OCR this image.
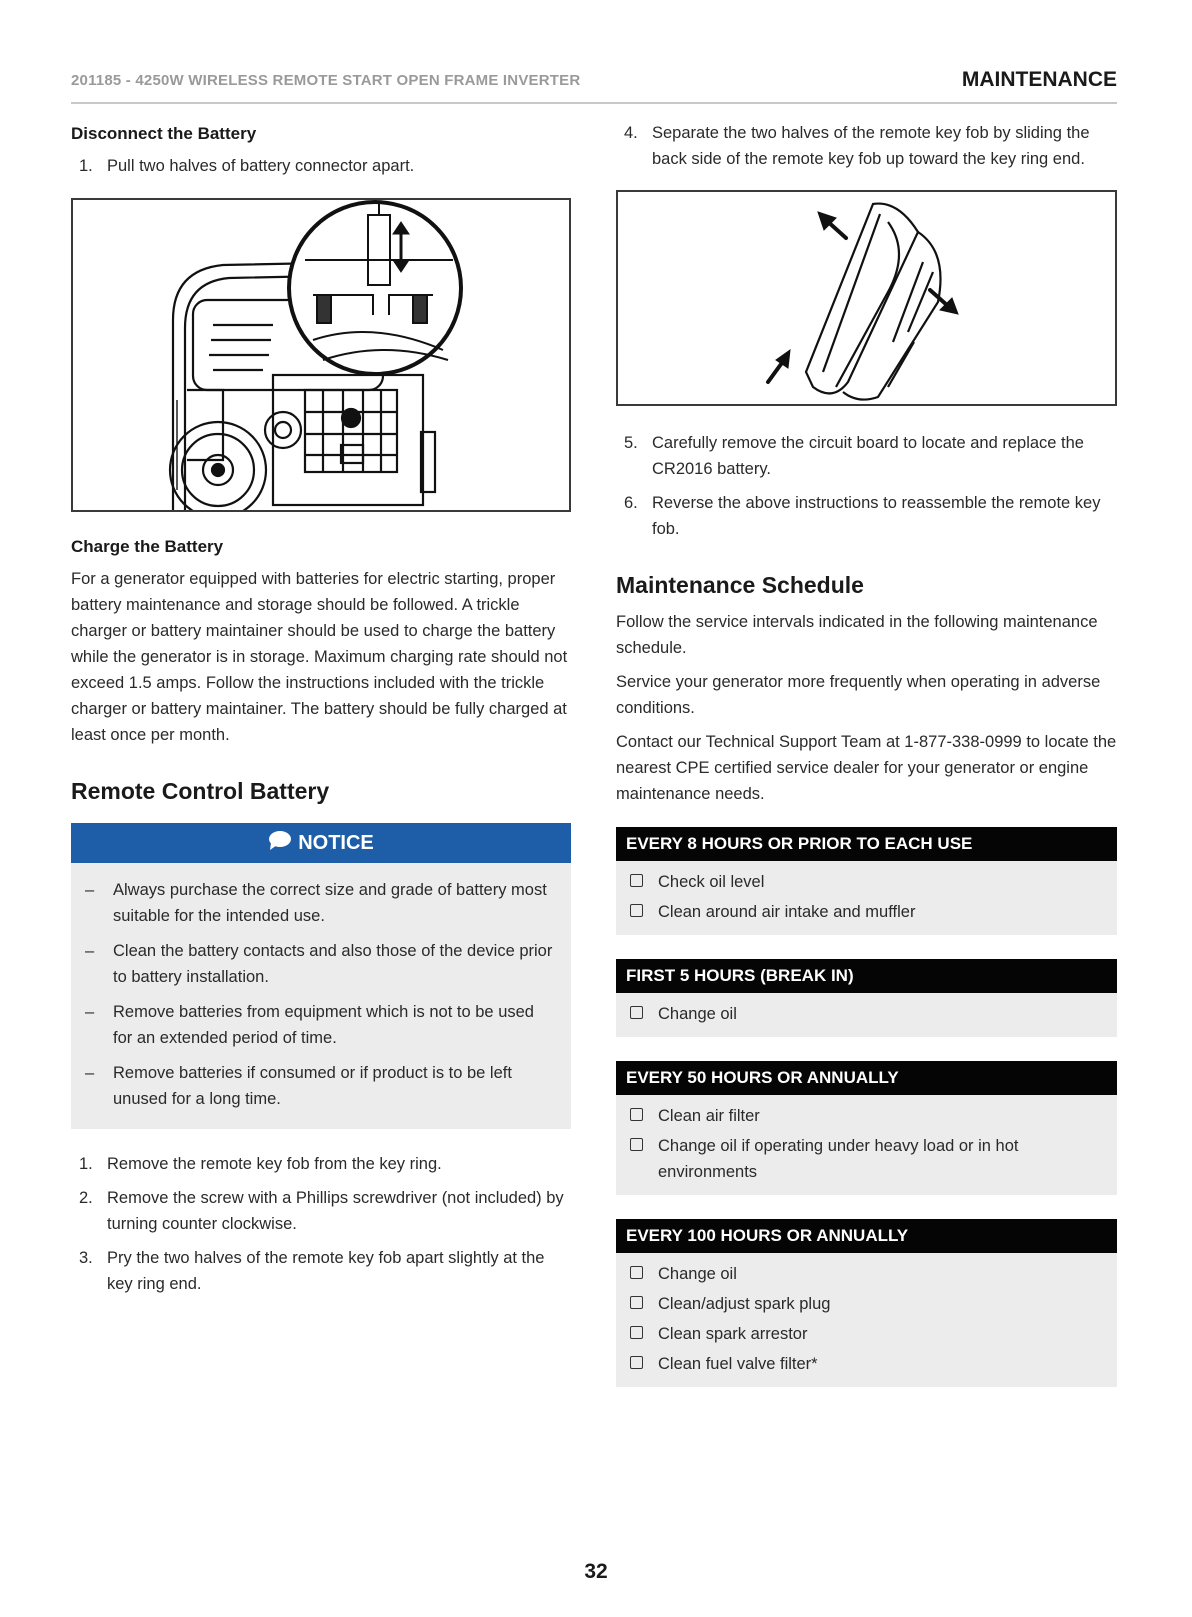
201185 - 4250W WIRELESS REMOTE START OPEN FRAME INVERTER	MAINTENANCE
Disconnect the Battery
1. Pull two halves of battery connector apart.
Charge the Battery

For a generator equipped with batteries for electric starting, proper battery maintenance and storage should be followed. A trickle charger or battery maintainer should be used to charge the battery while the generator is in storage. Maximum charging rate should not exceed 1.5 amps. Follow the instructions included with the trickle charger or battery maintainer. The battery should be fully charged at least once per month.

Remote Control Battery
NOTICE
– Always purchase the correct size and grade of battery most suitable for the intended use.
– Clean the battery contacts and also those of the device prior to battery installation.
– Remove batteries from equipment which is not to be used for an extended period of time.
– Remove batteries if consumed or if product is to be left unused for a long time.
1. Remove the remote key fob from the key ring.
2. Remove the screw with a Phillips screwdriver (not included) by turning counter clockwise.
3. Pry the two halves of the remote key fob apart slightly at the key ring end.
4. Separate the two halves of the remote key fob by sliding the back side of the remote key fob up toward the key ring end.
5. Carefully remove the circuit board to locate and replace the CR2016 battery.
6. Reverse the above instructions to reassemble the remote key fob.
Maintenance Schedule

Follow the service intervals indicated in the following maintenance schedule.

Service your generator more frequently when operating in adverse conditions.

Contact our Technical Support Team at 1-877-338-0999 to locate the nearest CPE certified service dealer for your generator or engine maintenance needs.

EVERY 8 HOURS OR PRIOR TO EACH USE
Check oil level
Clean around air intake and muffler
FIRST 5 HOURS (BREAK IN)
Change oil
EVERY 50 HOURS OR ANNUALLY
Clean air filter
Change oil if operating under heavy load or in hot environments
EVERY 100 HOURS OR ANNUALLY
Change oil
Clean/adjust spark plug
Clean spark arrestor
Clean fuel valve filter*
32
